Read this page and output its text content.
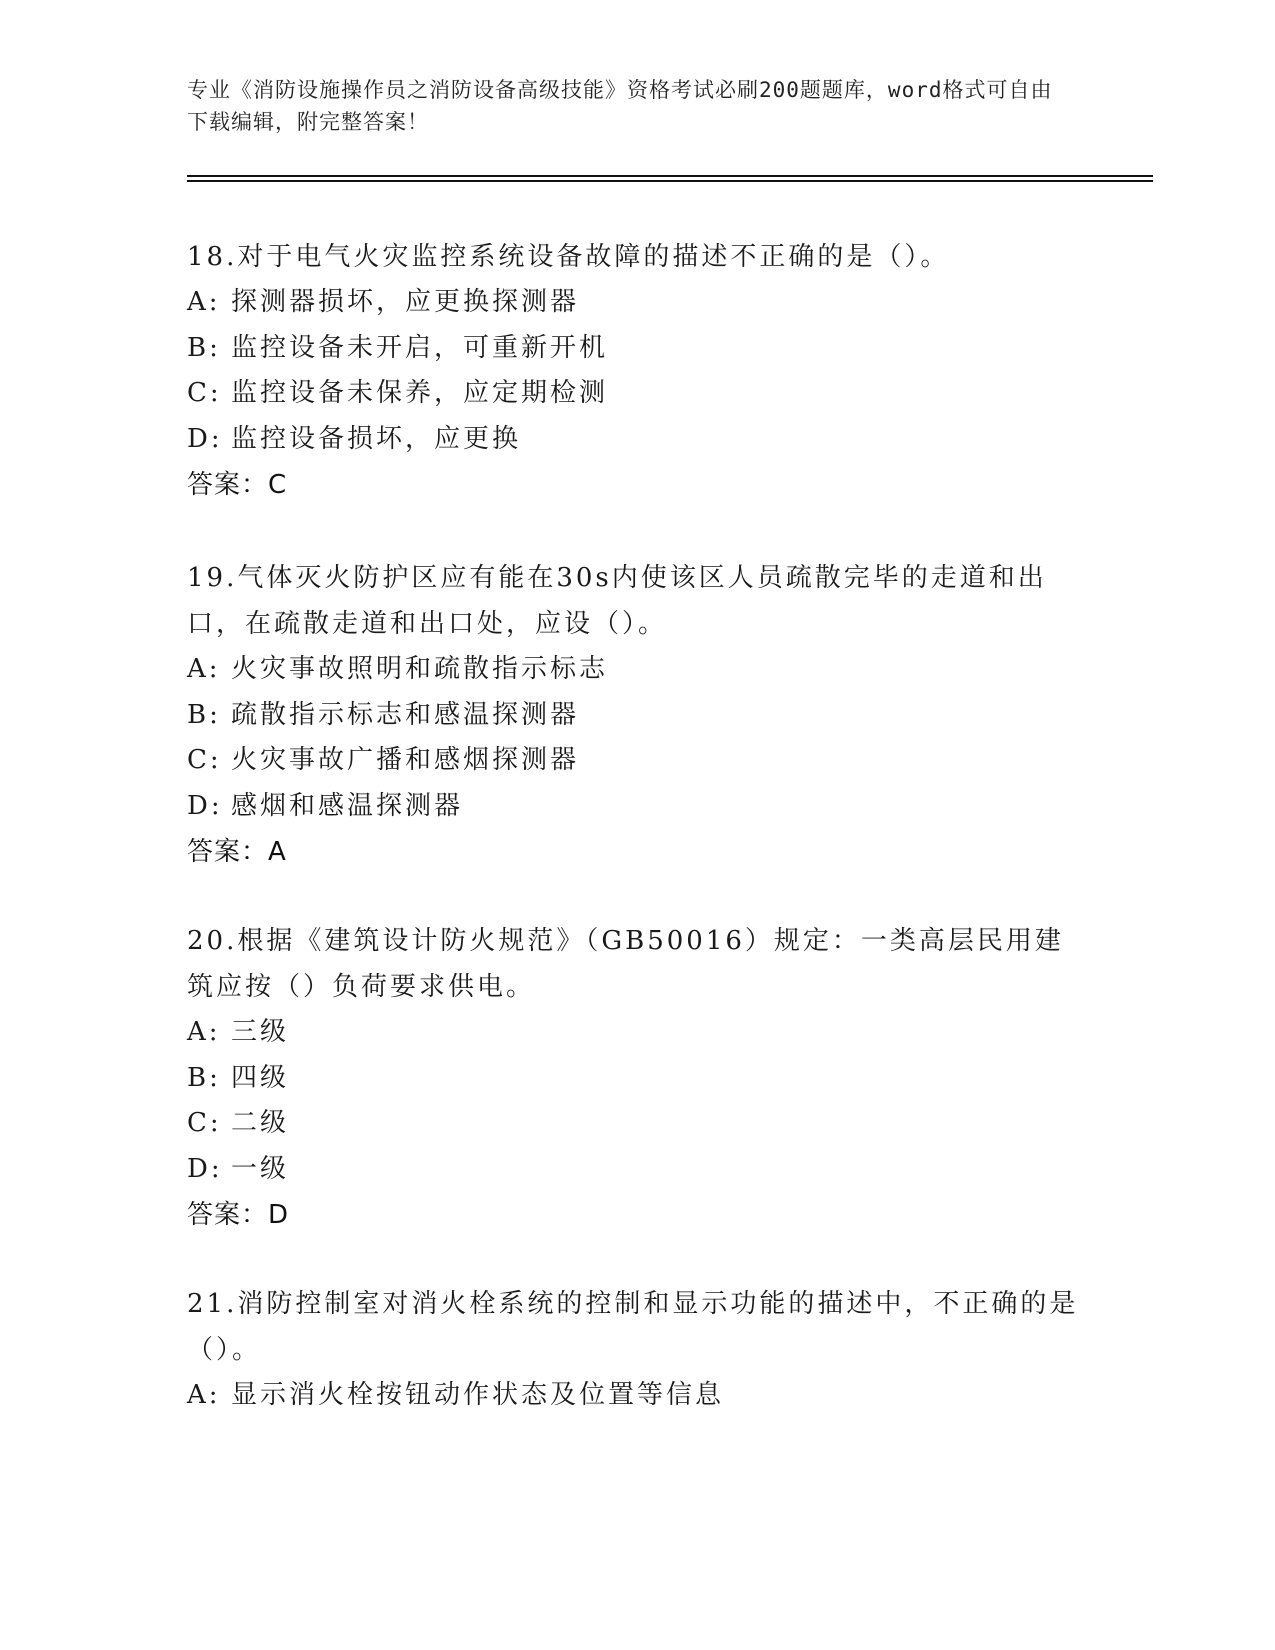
专业《消防设施操作员之消防设备高级技能》资格考试必刷200题题库，word格式可自由下载编辑，附完整答案！
18.对于电气火灾监控系统设备故障的描述不正确的是（）。
A: 探测器损坏，应更换探测器
B: 监控设备未开启，可重新开机
C: 监控设备未保养，应定期检测
D: 监控设备损坏，应更换
答案：C
19.气体灭火防护区应有能在30s内使该区人员疏散完毕的走道和出口，在疏散走道和出口处，应设（）。
A: 火灾事故照明和疏散指示标志
B: 疏散指示标志和感温探测器
C: 火灾事故广播和感烟探测器
D: 感烟和感温探测器
答案：A
20.根据《建筑设计防火规范》（GB50016）规定：一类高层民用建筑应按（）负荷要求供电。
A: 三级
B: 四级
C: 二级
D: 一级
答案：D
21.消防控制室对消火栓系统的控制和显示功能的描述中，不正确的是（）。
A: 显示消火栓按钮动作状态及位置等信息
